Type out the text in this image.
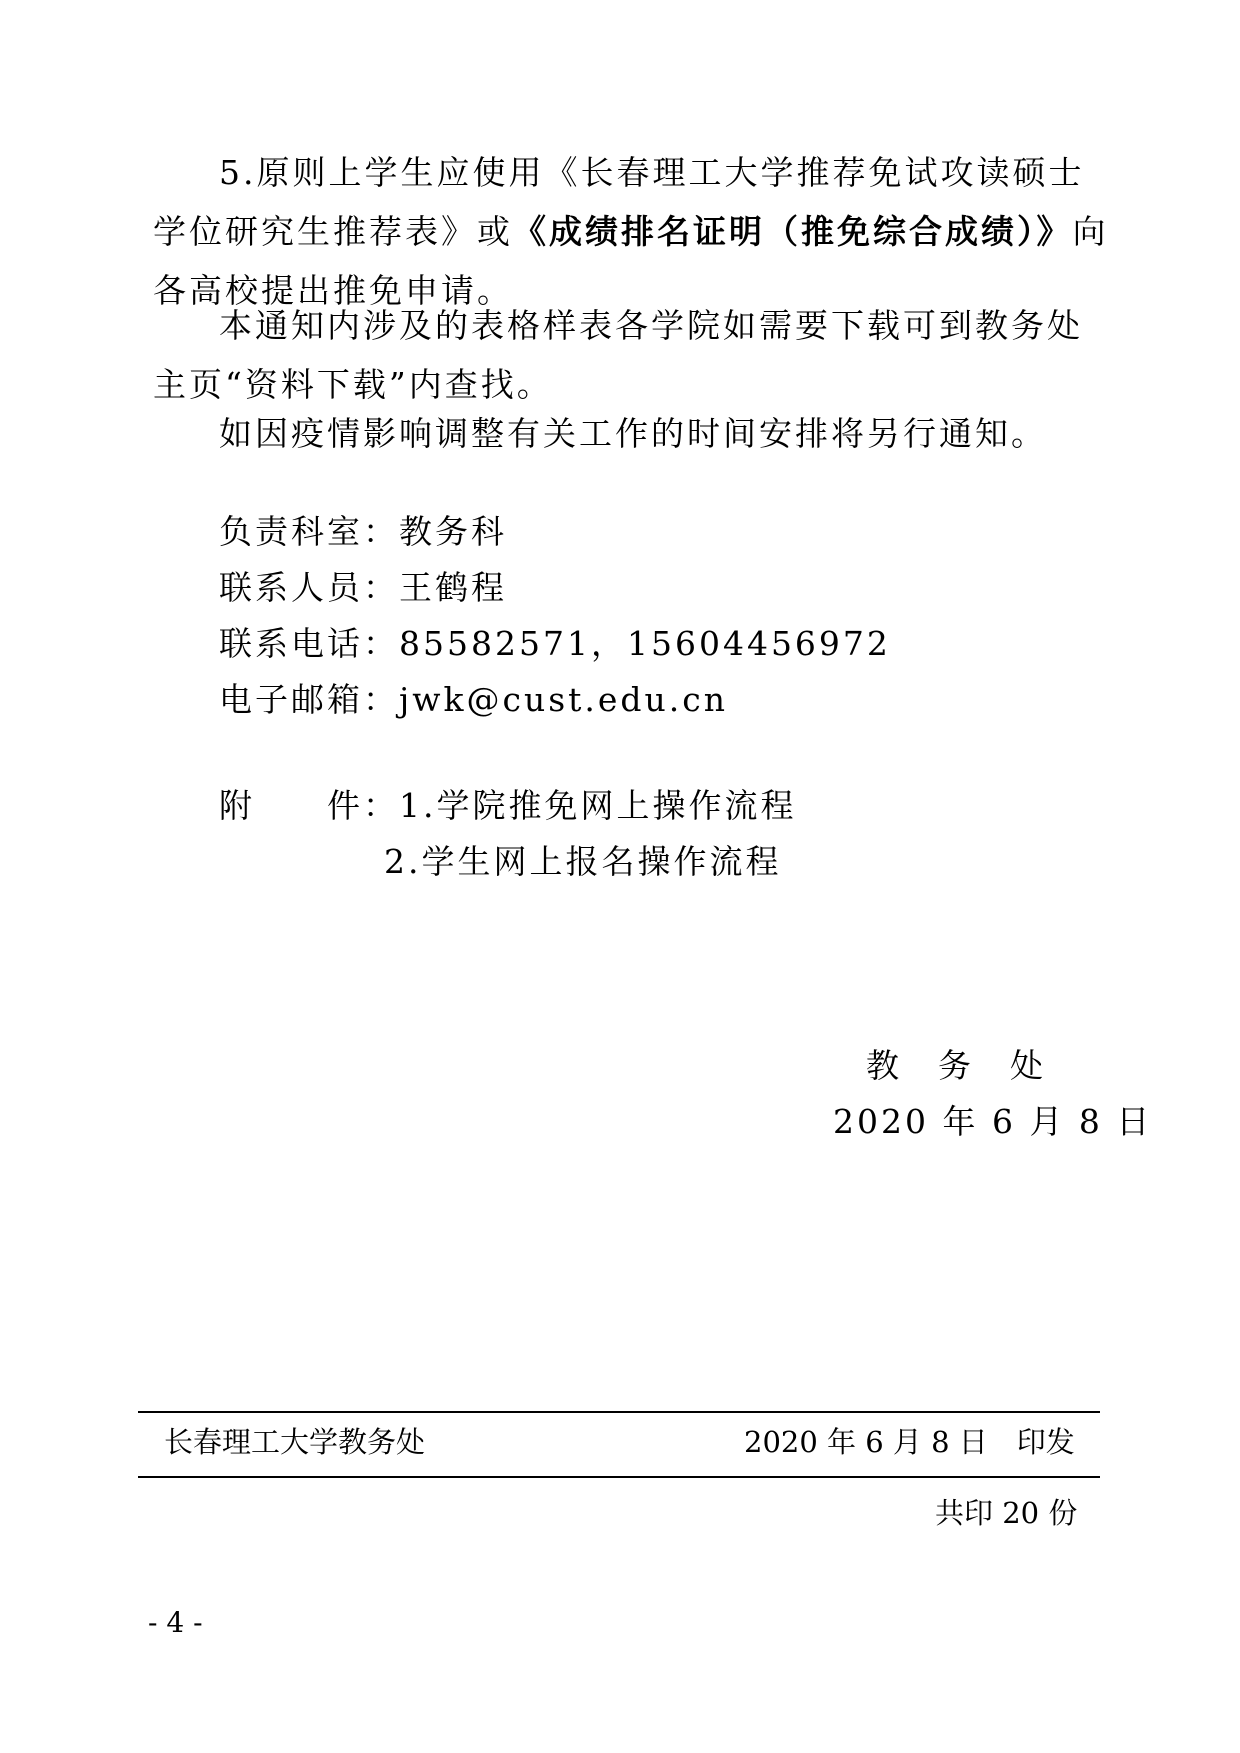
5.原则上学生应使用《长春理工大学推荐免试攻读硕士学位研究生推荐表》或《成绩排名证明（推免综合成绩）》向各高校提出推免申请。

本通知内涉及的表格样表各学院如需要下载可到教务处主页“资料下载”内查找。

如因疫情影响调整有关工作的时间安排将另行通知。

负责科室：教务科
联系人员：王鹤程
联系电话：85582571，15604456972
电子邮箱：jwk@cust.edu.cn
附　　件：1.学院推免网上操作流程
2.学生网上报名操作流程
教　务　处
2020 年 6 月 8 日
长春理工大学教务处	2020 年 6 月 8 日　印发
共印 20 份
- 4 -
